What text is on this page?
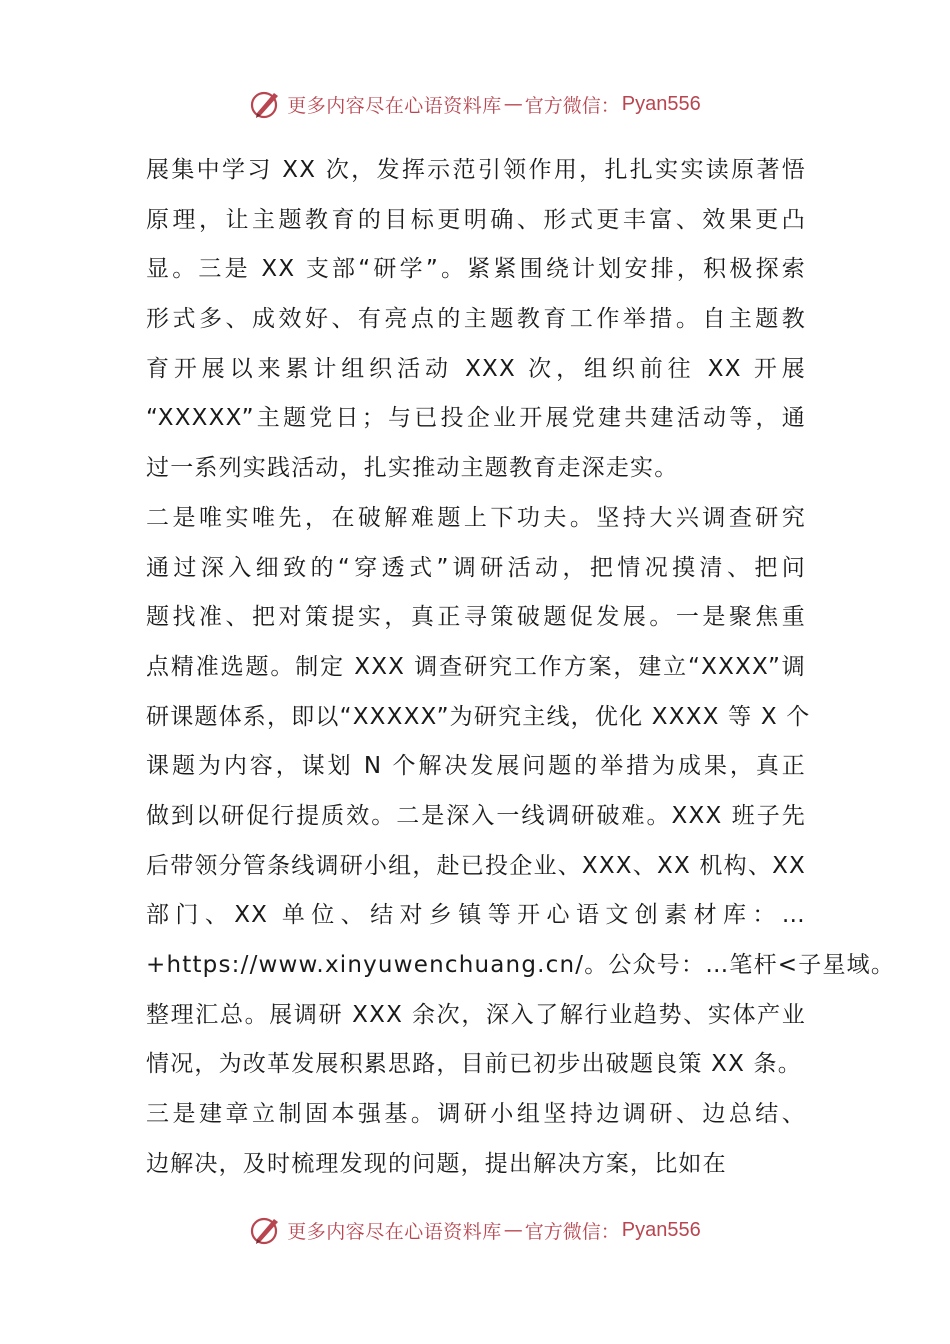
更多内容尽在心语资料库 — 官方微信： Pyan556
展集中学习 XX 次，发挥示范引领作用，扎扎实实读原著悟
原理，让主题教育的目标更明确、形式更丰富、效果更凸
显。三是 XX 支部“研学”。紧紧围绕计划安排，积极探索
形式多、成效好、有亮点的主题教育工作举措。自主题教
育开展以来累计组织活动 XXX 次，组织前往 XX 开展
“XXXXX”主题党日；与已投企业开展党建共建活动等，通
过一系列实践活动，扎实推动主题教育走深走实。
二是唯实唯先，在破解难题上下功夫。坚持大兴调查研究
通过深入细致的“穿透式”调研活动，把情况摸清、把问
题找准、把对策提实，真正寻策破题促发展。一是聚焦重
点精准选题。制定 XXX 调查研究工作方案，建立“XXXX”调
研课题体系，即以“XXXXX”为研究主线，优化 XXXX 等 X 个
课题为内容，谋划 N 个解决发展问题的举措为成果，真正
做到以研促行提质效。二是深入一线调研破难。XXX 班子先
后带领分管条线调研小组，赴已投企业、XXX、XX 机构、XX
部门、XX 单位、结对乡镇等开心语文创素材库：…
+https://www.xinyuwenchuang.cn/。公众号：…笔杆<子星域。
整理汇总。展调研 XXX 余次，深入了解行业趋势、实体产业
情况，为改革发展积累思路，目前已初步出破题良策 XX 条。
三是建章立制固本强基。调研小组坚持边调研、边总结、
边解决，及时梳理发现的问题，提出解决方案，比如在
更多内容尽在心语资料库 — 官方微信： Pyan556
